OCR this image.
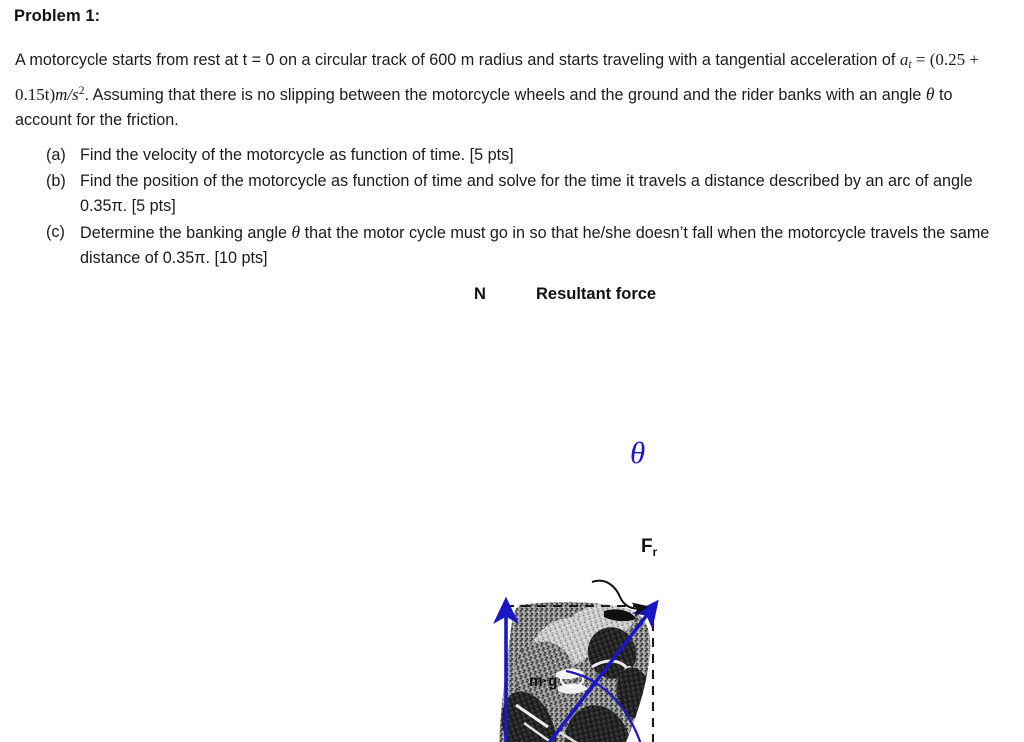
Problem 1:
A motorcycle starts from rest at t = 0 on a circular track of 600 m radius and starts traveling with a tangential acceleration of $a_t = (0.25 + 0.15t)m/s^2$. Assuming that there is no slipping between the motorcycle wheels and the ground and the rider banks with an angle θ to account for the friction.
(a) Find the velocity of the motorcycle as function of time. [5 pts]
(b) Find the position of the motorcycle as function of time and solve for the time it travels a distance described by an arc of angle 0.35π. [5 pts]
(c) Determine the banking angle θ that the motor cycle must go in so that he/she doesn’t fall when the motorcycle travels the same distance of 0.35π. [10 pts]
N	Resultant force
Fr
m·g
θ
